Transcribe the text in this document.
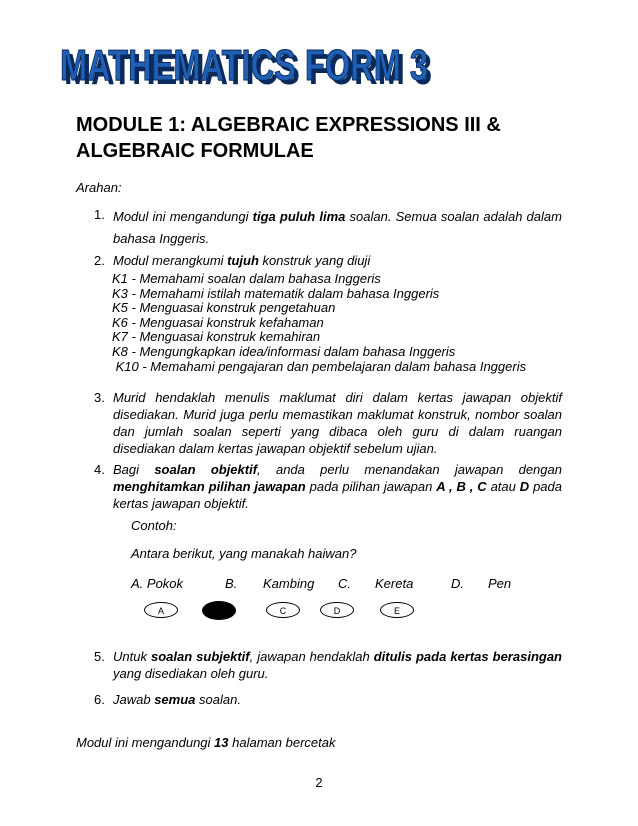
MATHEMATICS FORM 3
MATHEMATICS FORM 3
MODULE 1: ALGEBRAIC EXPRESSIONS III &
ALGEBRAIC FORMULAE
Arahan:
1. Modul ini mengandungi tiga puluh lima soalan. Semua soalan adalah dalam bahasa Inggeris.
2. Modul merangkumi tujuh konstruk yang diuji
K1 - Memahami soalan dalam bahasa Inggeris
K3 - Memahami istilah matematik dalam bahasa Inggeris
K5 - Menguasai konstruk pengetahuan
K6 - Menguasai konstruk kefahaman
K7 - Menguasai konstruk kemahiran
K8 - Mengungkapkan idea/informasi dalam bahasa Inggeris
K10 - Memahami pengajaran dan pembelajaran dalam bahasa Inggeris
3. Murid hendaklah menulis maklumat diri dalam kertas jawapan objektif disediakan. Murid juga perlu memastikan maklumat konstruk, nombor soalan dan jumlah soalan seperti yang dibaca oleh guru di dalam ruangan disediakan dalam kertas jawapan objektif sebelum ujian.
4. Bagi soalan objektif, anda perlu menandakan jawapan dengan menghitamkan pilihan jawapan pada pilihan jawapan A , B , C atau D pada kertas jawapan objektif.
Contoh:
Antara berikut, yang manakah haiwan?
A. Pokok	B. Kambing C. Kereta	D. Pen
A	C	D	E
5. Untuk soalan subjektif, jawapan hendaklah ditulis pada kertas berasingan yang disediakan oleh guru.
6. Jawab semua soalan.
Modul ini mengandungi 13 halaman bercetak
2
